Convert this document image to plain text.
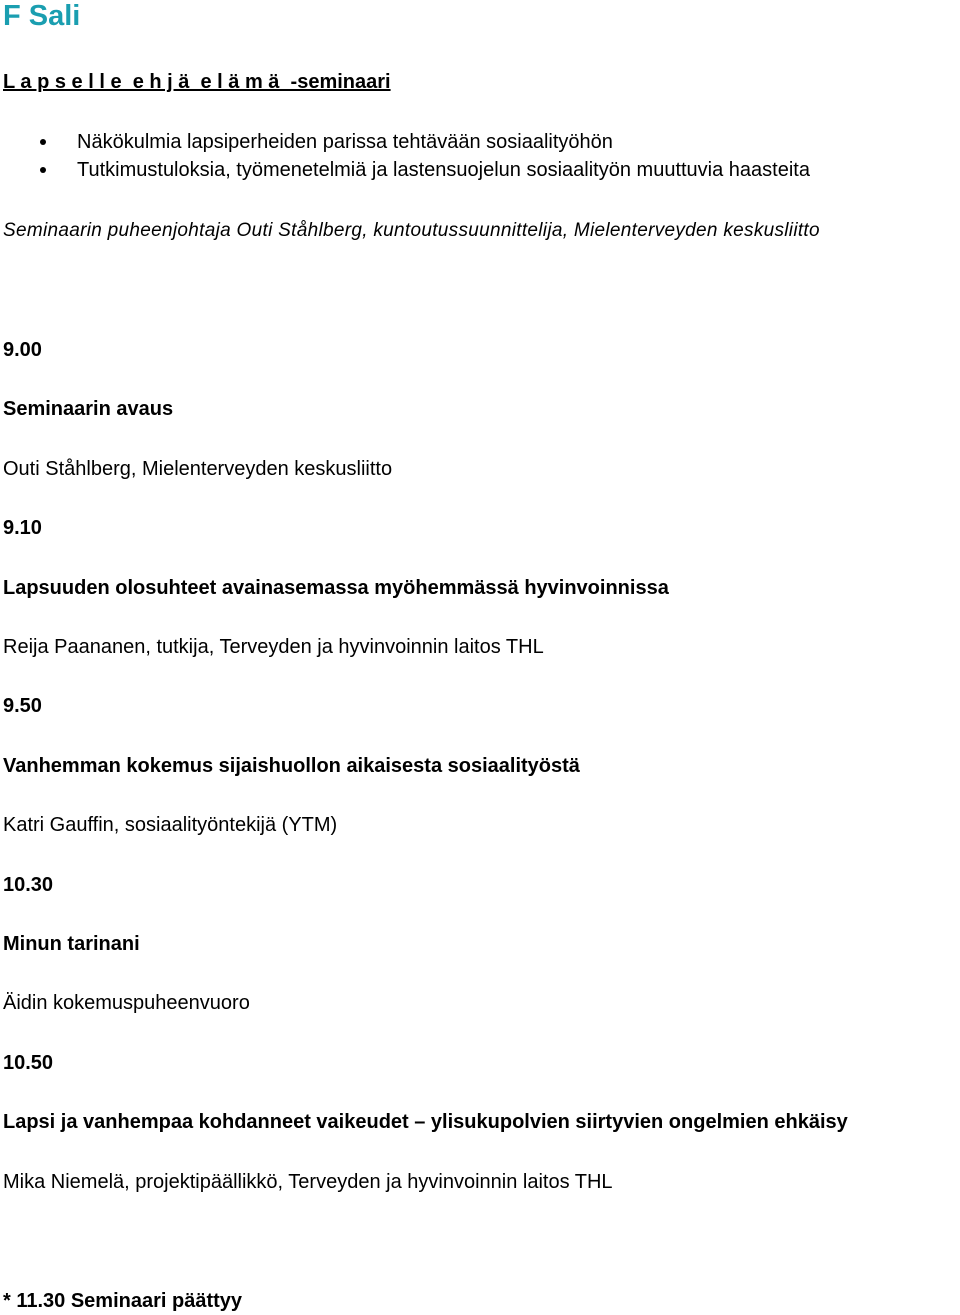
F Sali
L a p s e l l e  e h j ä  e l ä m ä  -seminaari
Näkökulmia lapsiperheiden parissa tehtävään sosiaalityöhön
Tutkimustuloksia, työmenetelmiä ja lastensuojelun sosiaalityön muuttuvia haasteita
Seminaarin puheenjohtaja Outi Ståhlberg, kuntoutussuunnittelija, Mielenterveyden keskusliitto
9.00
Seminaarin avaus
Outi Ståhlberg, Mielenterveyden keskusliitto
9.10
Lapsuuden olosuhteet avainasemassa myöhemmässä hyvinvoinnissa
Reija Paananen, tutkija, Terveyden ja hyvinvoinnin laitos THL
9.50
Vanhemman kokemus sijaishuollon aikaisesta sosiaalityöstä
Katri Gauffin, sosiaalityöntekijä (YTM)
10.30
Minun tarinani
Äidin kokemuspuheenvuoro
10.50
Lapsi ja vanhempaa kohdanneet vaikeudet – ylisukupolvien siirtyvien ongelmien ehkäisy
Mika Niemelä, projektipäällikkö, Terveyden ja hyvinvoinnin laitos THL
* 11.30 Seminaari päättyy
